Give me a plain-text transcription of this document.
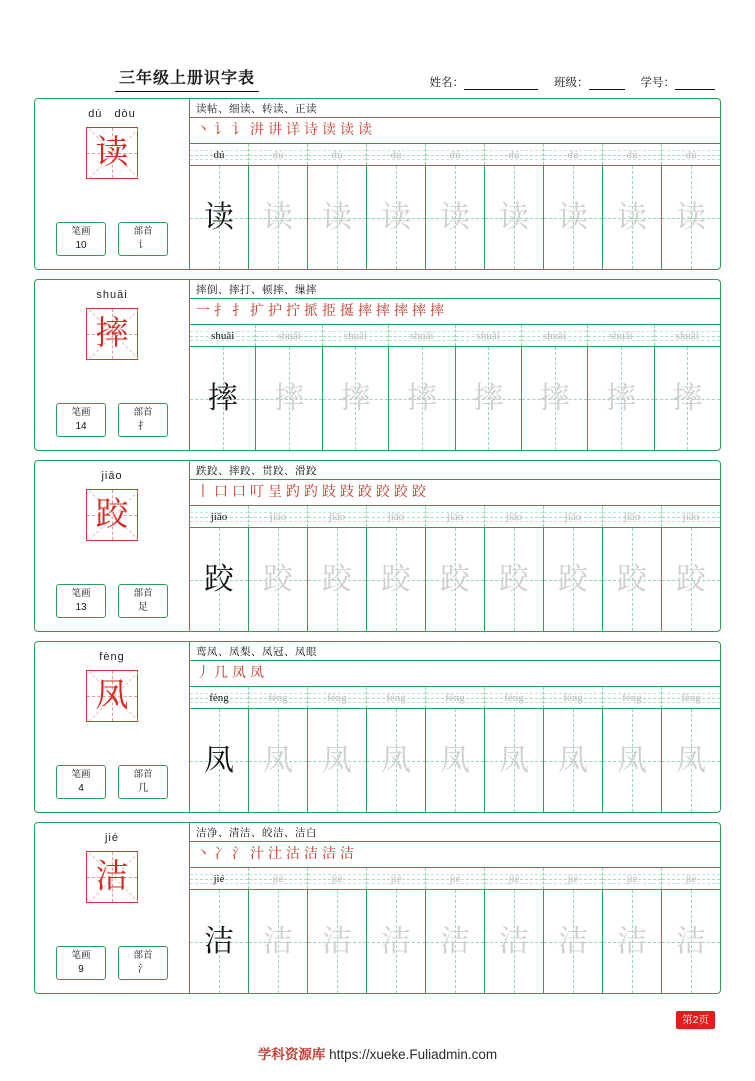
三年级上册识字表	姓名：	班级：	学号：
dú dòu
读
笔画
10
部首
讠
读帖、细读、转读、正读
丶 讠 讠 汫 讲 详 诗 读 读 读
dú	dú	dú	dú	dú	dú	dú	dú	dú
读 读 读 读 读 读 读 读 读
shuāi
摔
笔画
14
部首
扌
摔倒、摔打、顿摔、缫摔
一 扌 扌 扩 护 拧 挀 挋 挻 摔 摔 摔 摔 摔
shuāi	shuāi	shuāi	shuāi	shuāi	shuāi	shuāi	shuāi
摔 摔 摔 摔 摔 摔 摔 摔
jiāo
跤
笔画
13
部首
足
跌跤、摔跤、贯跤、滑跤
丨 口 口 叮 呈 趵 趵 跂 跂 跤 跤 跤 跤
jiāo	jiāo	jiāo	jiāo	jiāo	jiāo	jiāo	jiāo	jiāo
跤 跤 跤 跤 跤 跤 跤 跤 跤
fèng
凤
笔画
4
部首
几
鸾凤、凤梨、凤冠、凤眼
丿 几 凤 凤
fèng	fèng	fèng	fèng	fèng	fèng	fèng	fèng	fèng
凤 凤 凤 凤 凤 凤 凤 凤 凤
jié
洁
笔画
9
部首
氵
洁净、清洁、皎洁、洁白
丶 冫 氵 汁 汢 沽 洁 洁 洁
jié	jié	jié	jié	jié	jié	jié	jié	jié
洁 洁 洁 洁 洁 洁 洁 洁 洁
第2页
学科资源库 https://xueke.Fuliadmin.com
